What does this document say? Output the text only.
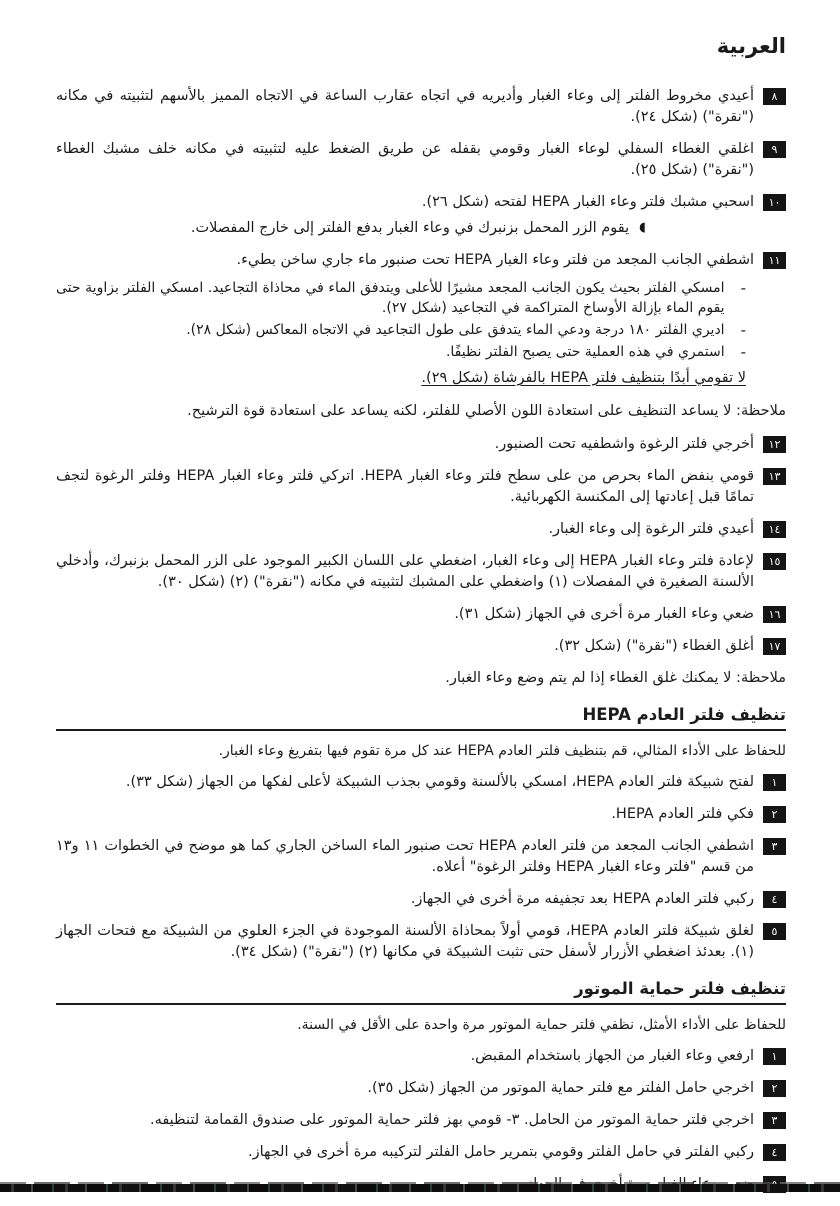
العربية
٨
أعيدي مخروط الفلتر إلى وعاء الغبار وأديريه في اتجاه عقارب الساعة في الاتجاه المميز بالأسهم لتثبيته في مكانه ("نقرة") (شكل ٢٤).
٩
اغلقي الغطاء السفلي لوعاء الغبار وقومي بقفله عن طريق الضغط عليه لتثبيته في مكانه خلف مشبك الغطاء ("نقرة") (شكل ٢٥).
١٠
اسحبي مشبك فلتر وعاء الغبار HEPA لفتحه (شكل ٢٦).
◖
يقوم الزر المحمل بزنبرك في وعاء الغبار بدفع الفلتر إلى خارج المفصلات.
١١
اشطفي الجانب المجعد من فلتر وعاء الغبار HEPA تحت صنبور ماء جاري ساخن بطيء.
-
امسكي الفلتر بحيث يكون الجانب المجعد مشيرًا للأعلى ويتدفق الماء في محاذاة التجاعيد. امسكي الفلتر بزاوية حتى يقوم الماء بإزالة الأوساخ المتراكمة في التجاعيد (شكل ٢٧).
-
اديري الفلتر ١٨٠ درجة ودعي الماء يتدفق على طول التجاعيد في الاتجاه المعاكس (شكل ٢٨).
-
استمري في هذه العملية حتى يصبح الفلتر نظيفًا.
لا تقومي أبدًا بتنظيف فلتر HEPA بالفرشاة (شكل ٢٩).
ملاحظة: لا يساعد التنظيف على استعادة اللون الأصلي للفلتر، لكنه يساعد على استعادة قوة الترشيح.
١٢
أخرجي فلتر الرغوة واشطفيه تحت الصنبور.
١٣
قومي بنفض الماء بحرص من على سطح فلتر وعاء الغبار HEPA. اتركي فلتر وعاء الغبار HEPA وفلتر الرغوة لتجف تمامًا قبل إعادتها إلى المكنسة الكهربائية.
١٤
أعيدي فلتر الرغوة إلى وعاء الغبار.
١٥
لإعادة فلتر وعاء الغبار HEPA إلى وعاء الغبار، اضغطي على اللسان الكبير الموجود على الزر المحمل بزنبرك، وأدخلي الألسنة الصغيرة في المفصلات (١) واضغطي على المشبك لتثبيته في مكانه ("نقرة") (٢) (شكل ٣٠).
١٦
ضعي وعاء الغبار مرة أخرى في الجهاز (شكل ٣١).
١٧
أغلق الغطاء ("نقرة") (شكل ٣٢).
ملاحظة: لا يمكنك غلق الغطاء إذا لم يتم وضع وعاء الغبار.
تنظيف فلتر العادم HEPA
للحفاظ على الأداء المثالي، قم بتنظيف فلتر العادم HEPA عند كل مرة تقوم فيها بتفريغ وعاء الغبار.
١
لفتح شبيكة فلتر العادم HEPA، امسكي بالألسنة وقومي بجذب الشبيكة لأعلى لفكها من الجهاز (شكل ٣٣).
٢
فكي فلتر العادم HEPA.
٣
اشطفي الجانب المجعد من فلتر العادم HEPA تحت صنبور الماء الساخن الجاري كما هو موضح في الخطوات ١١ و١٣ من قسم "فلتر وعاء الغبار HEPA وفلتر الرغوة" أعلاه.
٤
ركبي فلتر العادم HEPA بعد تجفيفه مرة أخرى في الجهاز.
٥
لغلق شبيكة فلتر العادم HEPA، قومي أولاً بمحاذاة الألسنة الموجودة في الجزء العلوي من الشبيكة مع فتحات الجهاز (١). بعدئذ اضغطي الأزرار لأسفل حتى تثبت الشبيكة في مكانها (٢) ("نقرة") (شكل ٣٤).
تنظيف فلتر حماية الموتور
للحفاظ على الأداء الأمثل، نظفي فلتر حماية الموتور مرة واحدة على الأقل في السنة.
١
ارفعي وعاء الغبار من الجهاز باستخدام المقبض.
٢
اخرجي حامل الفلتر مع فلتر حماية الموتور من الجهاز (شكل ٣٥).
٣
اخرجي فلتر حماية الموتور من الحامل. ٣- قومي بهز فلتر حماية الموتور على صندوق القمامة لتنظيفه.
٤
ركبي الفلتر في حامل الفلتر وقومي بتمرير حامل الفلتر لتركيبه مرة أخرى في الجهاز.
